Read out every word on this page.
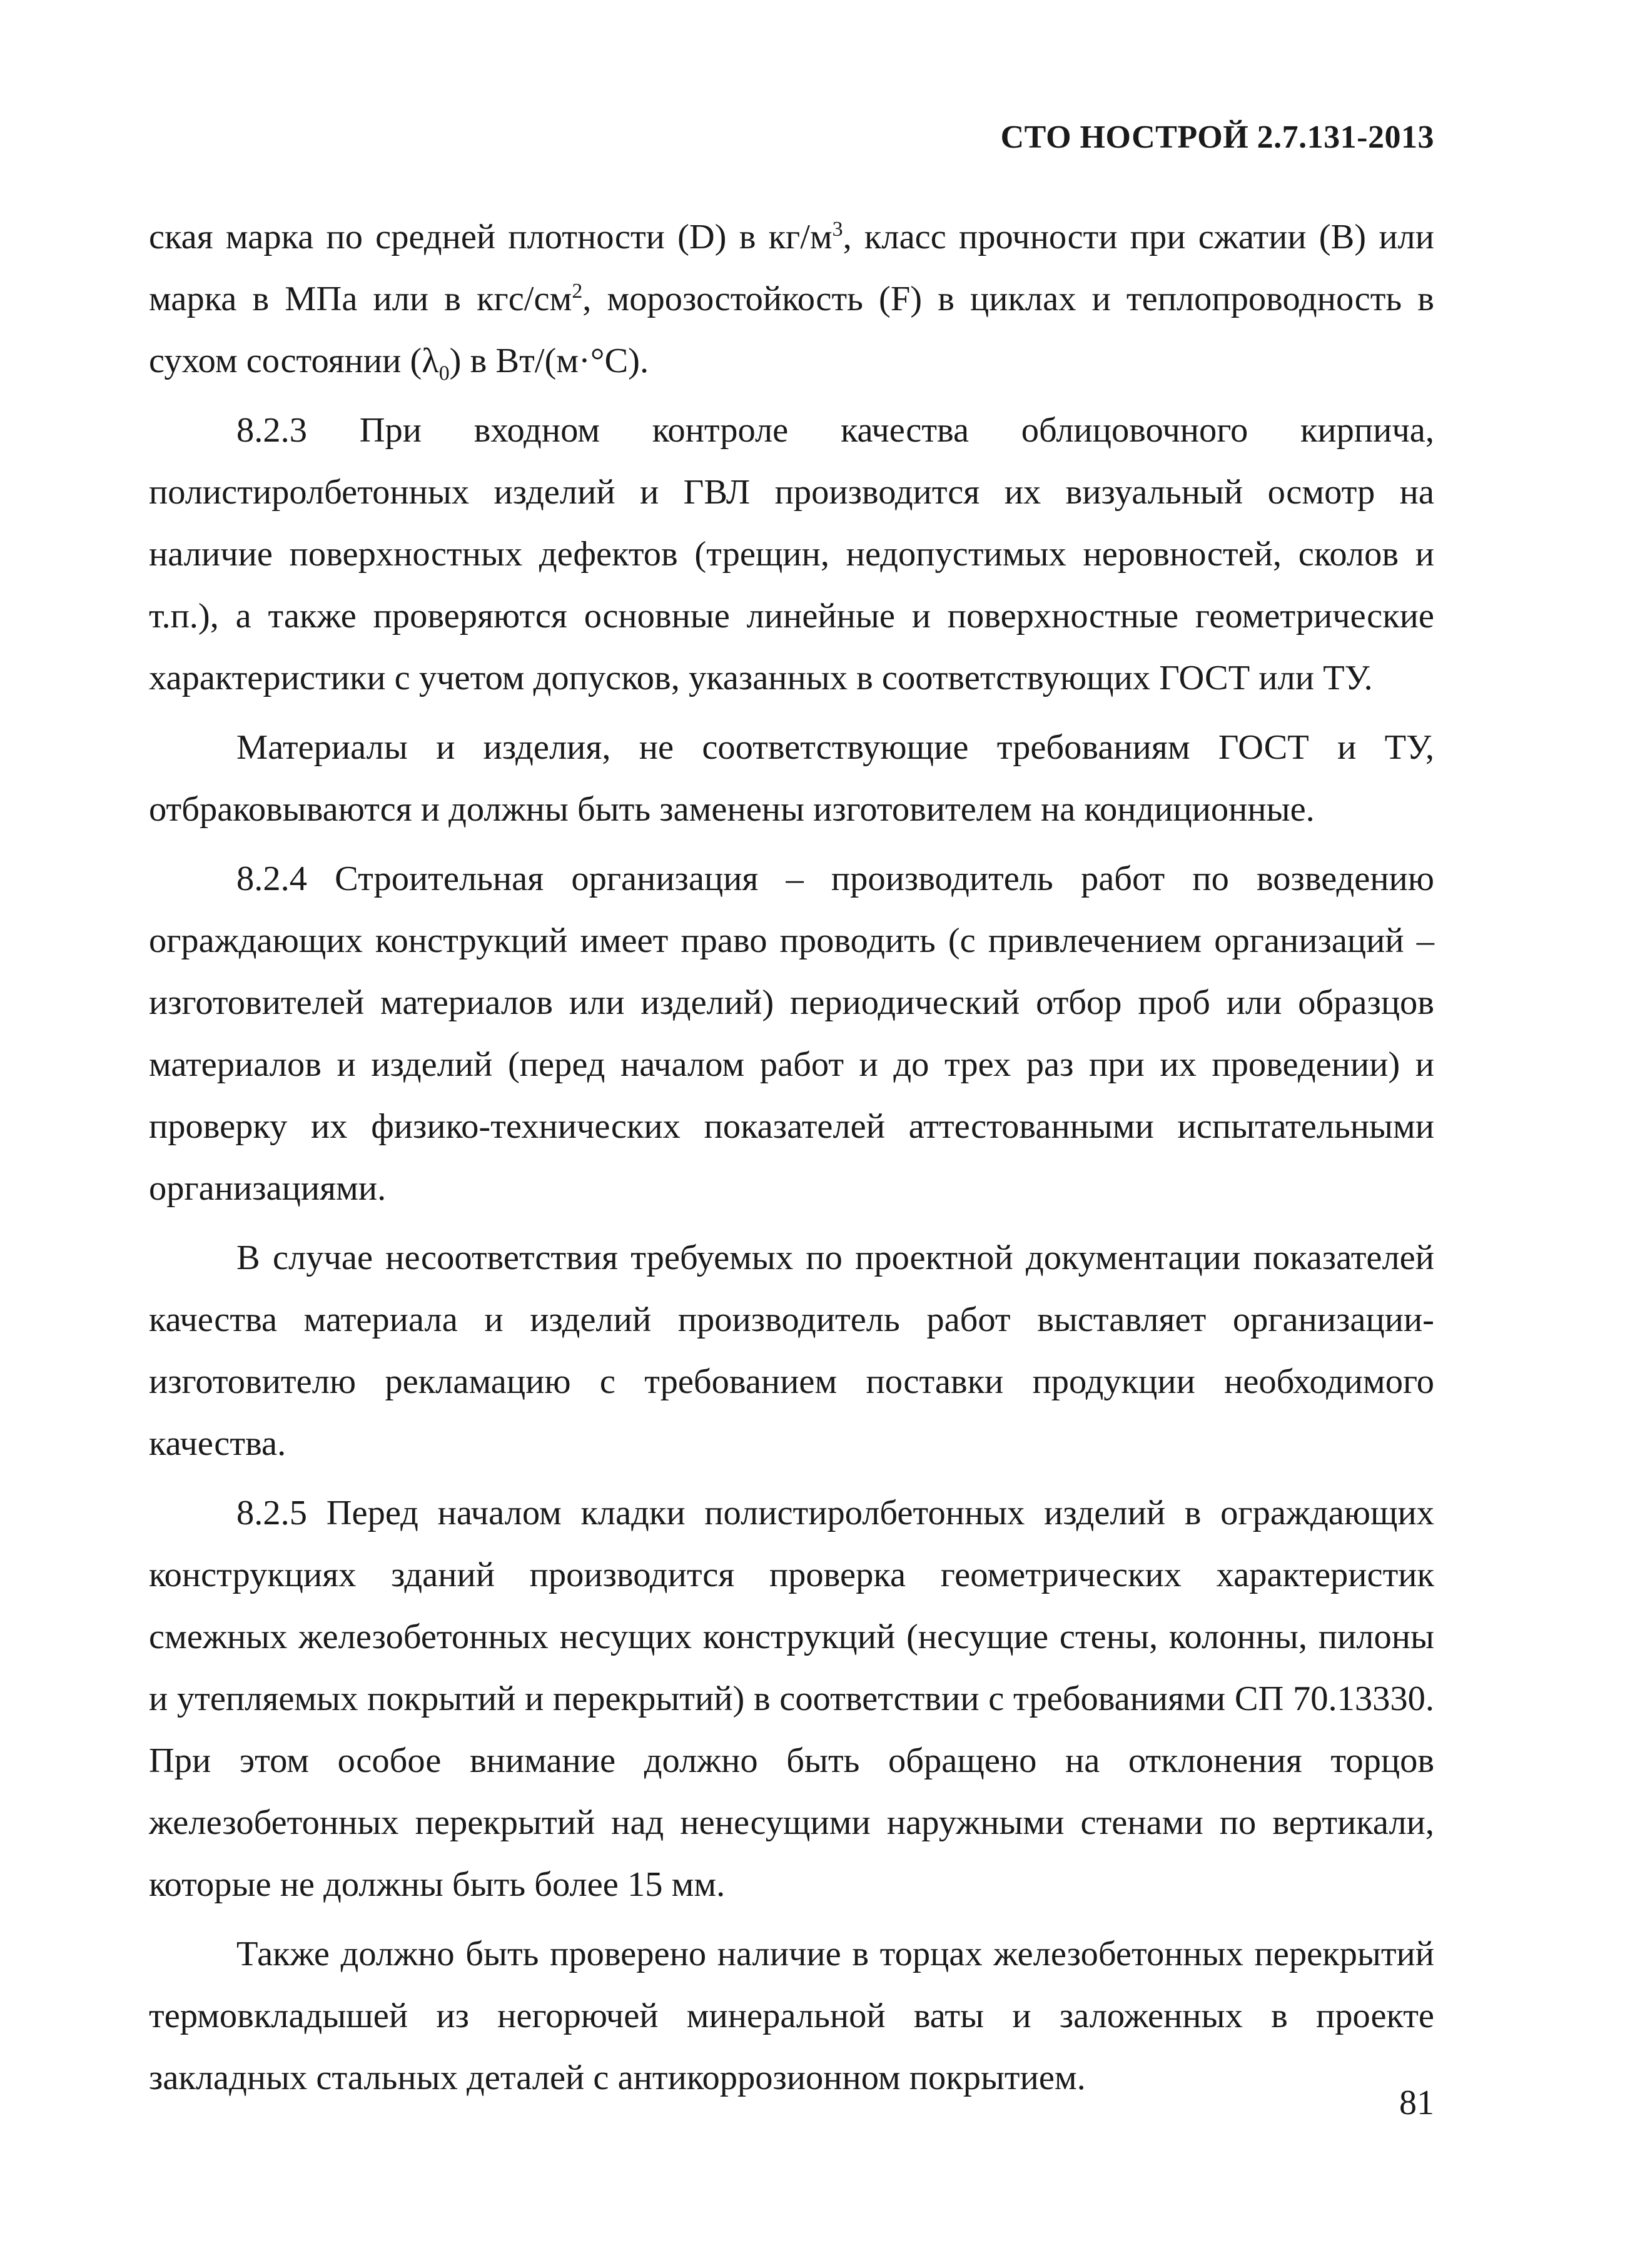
СТО НОСТРОЙ 2.7.131-2013

ская марка по средней плотности (D) в $кг/м^3$, класс прочности при сжатии (B) или марка в МПа или в кгс/$см^2$, морозостойкость (F) в циклах и теплопроводность в сухом состоянии $(\lambda_0)$ в Вт/(м·°С).

8.2.3 При входном контроле качества облицовочного кирпича, полистиролбетонных изделий и ГВЛ производится их визуальный осмотр на наличие поверхностных дефектов (трещин, недопустимых неровностей, сколов и т.п.), а также проверяются основные линейные и поверхностные геометрические характеристики с учетом допусков, указанных в соответствующих ГОСТ или ТУ.

Материалы и изделия, не соответствующие требованиям ГОСТ и ТУ, отбраковываются и должны быть заменены изготовителем на кондиционные.

8.2.4 Строительная организация – производитель работ по возведению ограждающих конструкций имеет право проводить (с привлечением организаций – изготовителей материалов или изделий) периодический отбор проб или образцов материалов и изделий (перед началом работ и до трех раз при их проведении) и проверку их физико-технических показателей аттестованными испытательными организациями.

В случае несоответствия требуемых по проектной документации показателей качества материала и изделий производитель работ выставляет организации-изготовителю рекламацию с требованием поставки продукции необходимого качества.

8.2.5 Перед началом кладки полистиролбетонных изделий в ограждающих конструкциях зданий производится проверка геометрических характеристик смежных железобетонных несущих конструкций (несущие стены, колонны, пилоны и утепляемых покрытий и перекрытий) в соответствии с требованиями СП 70.13330. При этом особое внимание должно быть обращено на отклонения торцов железобетонных перекрытий над ненесущими наружными стенами по вертикали, которые не должны быть более 15 мм.

Также должно быть проверено наличие в торцах железобетонных перекрытий термовкладышей из негорючей минеральной ваты и заложенных в проекте закладных стальных деталей с антикоррозионном покрытием.

81
